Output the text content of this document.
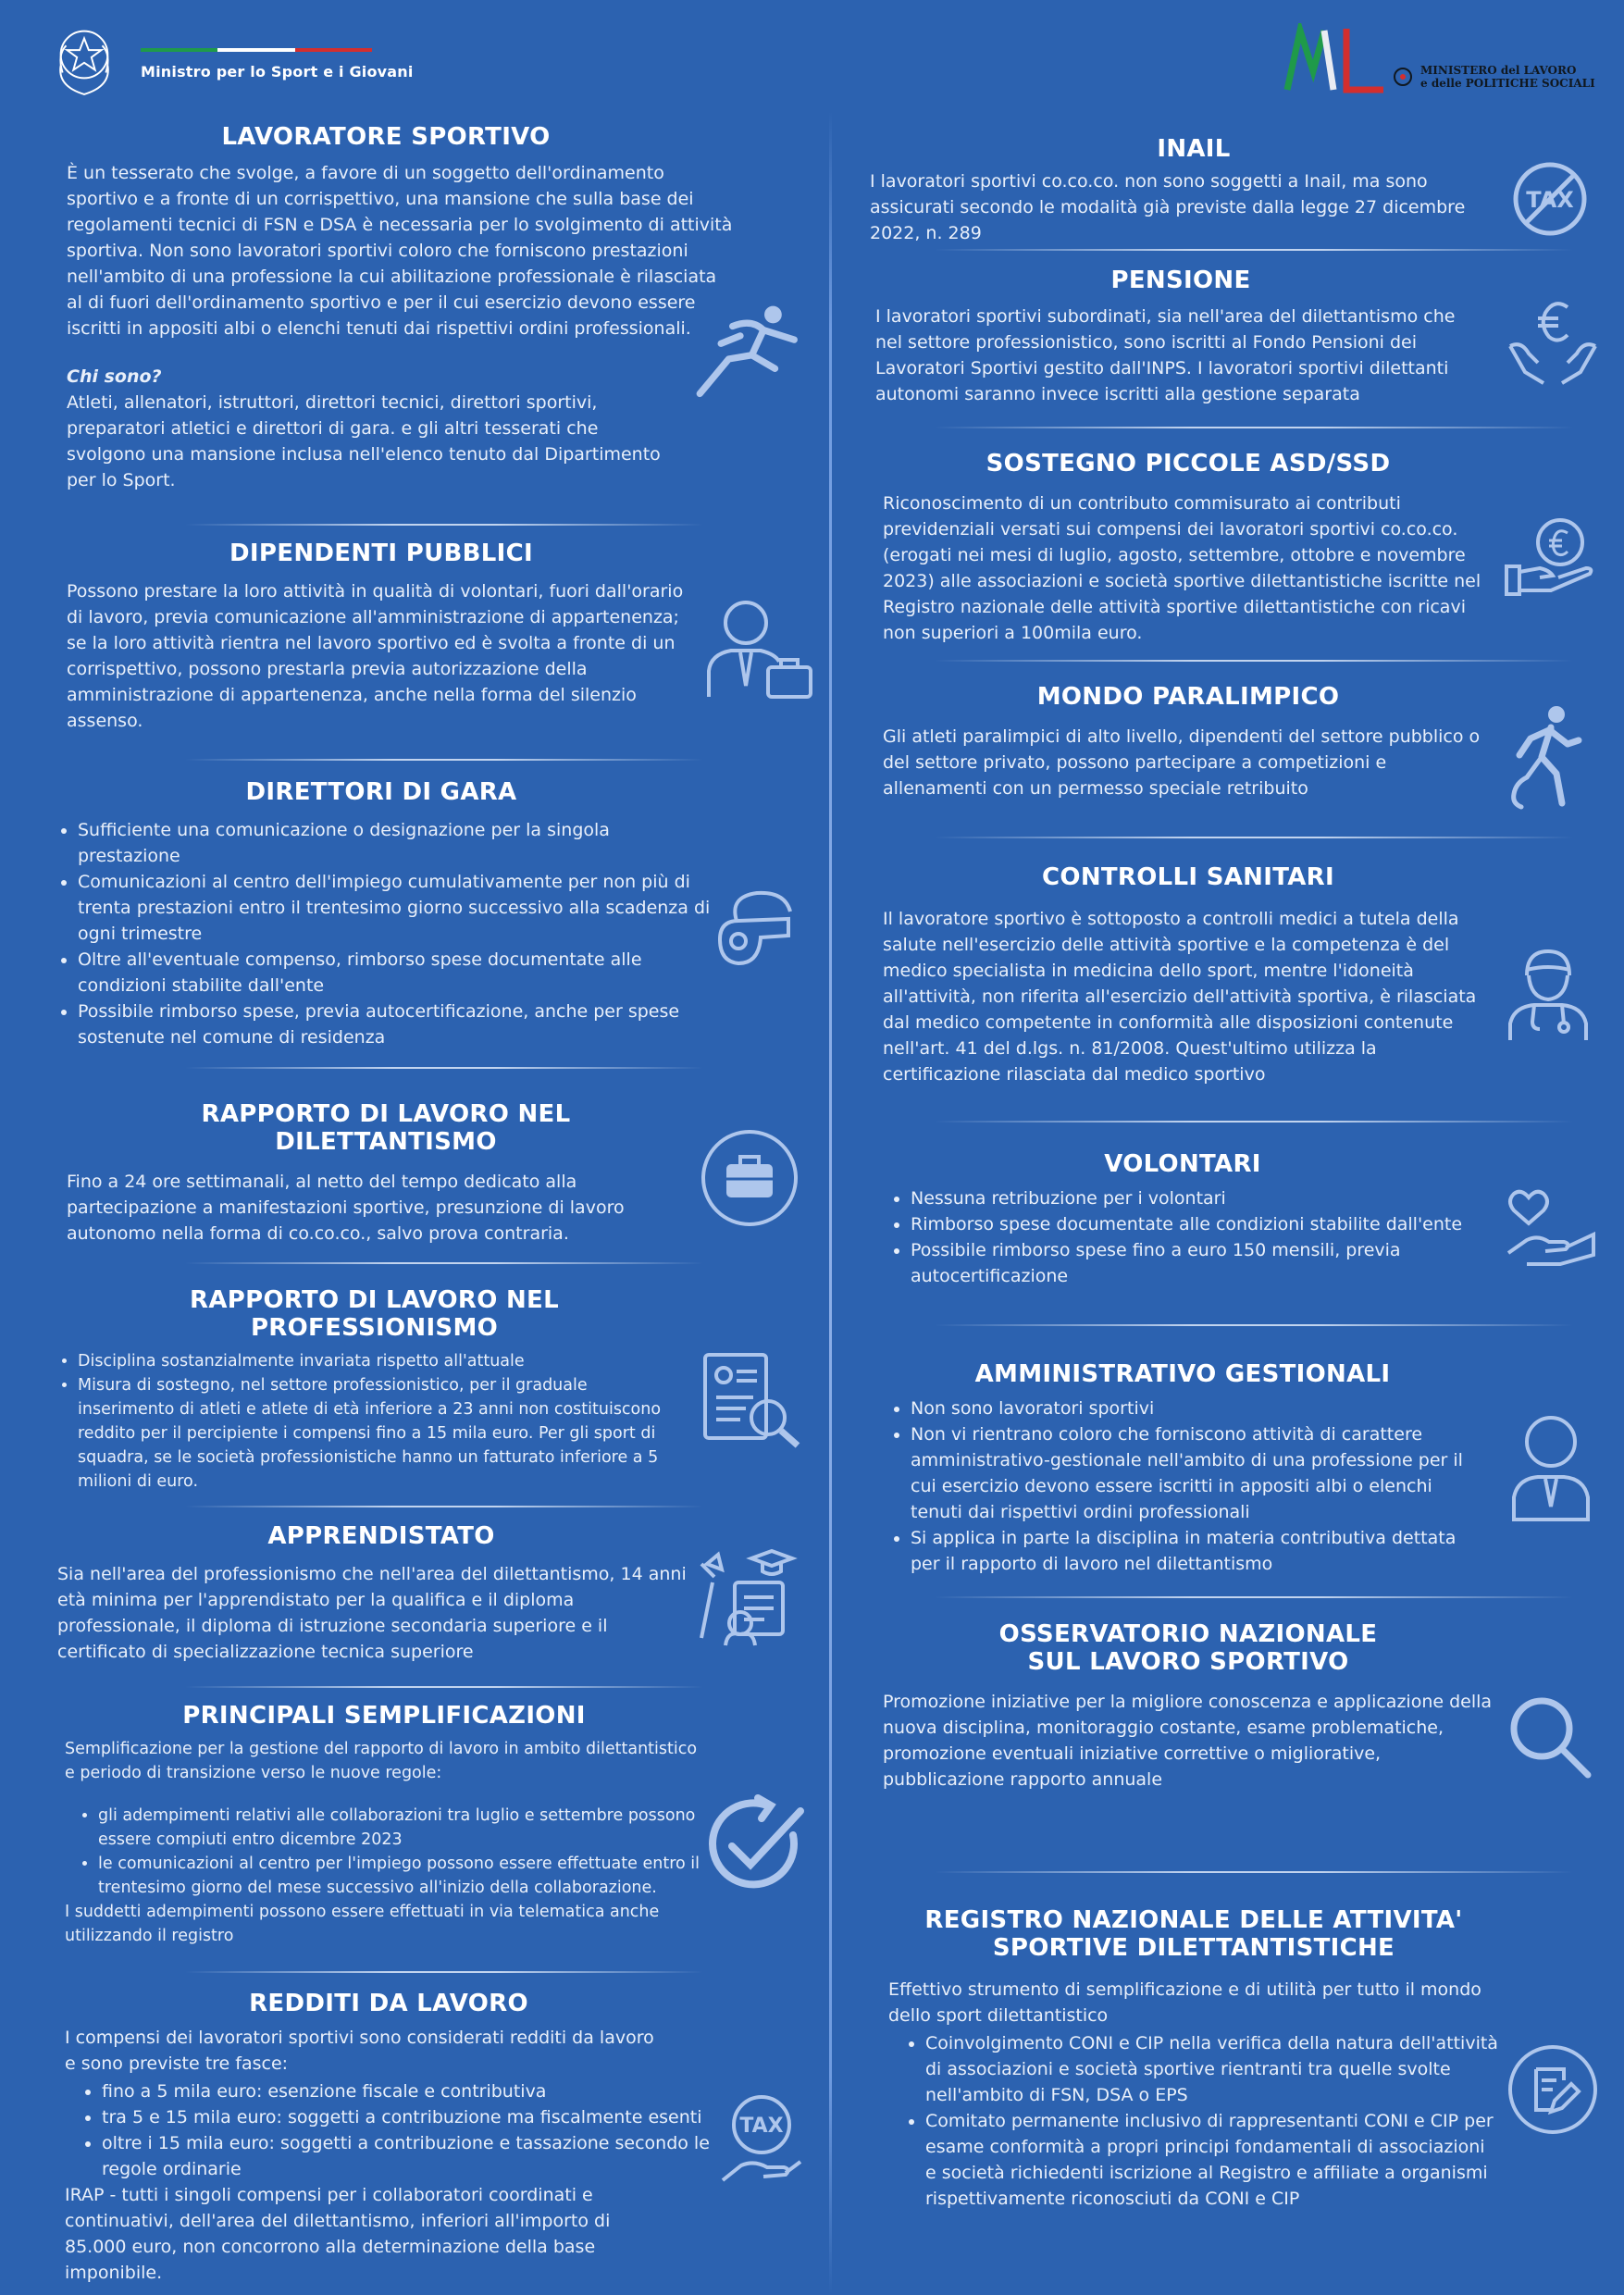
Ministro per lo Sport e i Giovani	MINISTERO del LAVORO
e delle POLITICHE SOCIALI
LAVORATORE SPORTIVO
È un tesserato che svolge, a favore di un soggetto dell'ordinamento sportivo e a fronte di un corrispettivo, una mansione che sulla base dei regolamenti tecnici di FSN e DSA è necessaria per lo svolgimento di attività sportiva. Non sono lavoratori sportivi coloro che forniscono prestazioni nell'ambito di una professione la cui abilitazione professionale è rilasciata al di fuori dell'ordinamento sportivo e per il cui esercizio devono essere iscritti in appositi albi o elenchi tenuti dai rispettivi ordini professionali.
Chi sono?
Atleti, allenatori, istruttori, direttori tecnici, direttori sportivi, preparatori atletici e direttori di gara. e gli altri tesserati che svolgono una mansione inclusa nell'elenco tenuto dal Dipartimento per lo Sport.
DIPENDENTI PUBBLICI
Possono prestare la loro attività in qualità di volontari, fuori dall'orario di lavoro, previa comunicazione all'amministrazione di appartenenza; se la loro attività rientra nel lavoro sportivo ed è svolta a fronte di un corrispettivo, possono prestarla previa autorizzazione della amministrazione di appartenenza, anche nella forma del silenzio assenso.
DIRETTORI DI GARA
• Sufficiente una comunicazione o designazione per la singola prestazione
• Comunicazioni al centro dell'impiego cumulativamente per non più di trenta prestazioni entro il trentesimo giorno successivo alla scadenza di ogni trimestre
• Oltre all'eventuale compenso, rimborso spese documentate alle condizioni stabilite dall'ente
• Possibile rimborso spese, previa autocertificazione, anche per spese sostenute nel comune di residenza
RAPPORTO DI LAVORO NEL
DILETTANTISMO
Fino a 24 ore settimanali, al netto del tempo dedicato alla partecipazione a manifestazioni sportive, presunzione di lavoro autonomo nella forma di co.co.co., salvo prova contraria.
RAPPORTO DI LAVORO NEL
PROFESSIONISMO
• Disciplina sostanzialmente invariata rispetto all'attuale
• Misura di sostegno, nel settore professionistico, per il graduale inserimento di atleti e atlete di età inferiore a 23 anni non costituiscono reddito per il percipiente i compensi fino a 15 mila euro. Per gli sport di squadra, se le società professionistiche hanno un fatturato inferiore a 5 milioni di euro.
APPRENDISTATO
Sia nell'area del professionismo che nell'area del dilettantismo, 14 anni età minima per l'apprendistato per la qualifica e il diploma professionale, il diploma di istruzione secondaria superiore e il certificato di specializzazione tecnica superiore
PRINCIPALI SEMPLIFICAZIONI
Semplificazione per la gestione del rapporto di lavoro in ambito dilettantistico e periodo di transizione verso le nuove regole:
• gli adempimenti relativi alle collaborazioni tra luglio e settembre possono essere compiuti entro dicembre 2023
• le comunicazioni al centro per l'impiego possono essere effettuate entro il trentesimo giorno del mese successivo all'inizio della collaborazione.
I suddetti adempimenti possono essere effettuati in via telematica anche utilizzando il registro
REDDITI DA LAVORO
I compensi dei lavoratori sportivi sono considerati redditi da lavoro e sono previste tre fasce:
• fino a 5 mila euro: esenzione fiscale e contributiva
• tra 5 e 15 mila euro: soggetti a contribuzione ma fiscalmente esenti
• oltre i 15 mila euro: soggetti a contribuzione e tassazione secondo le regole ordinarie
IRAP - tutti i singoli compensi per i collaboratori coordinati e continuativi, dell'area del dilettantismo, inferiori all'importo di 85.000 euro, non concorrono alla determinazione della base imponibile.
TAX
INAIL
I lavoratori sportivi co.co.co. non sono soggetti a Inail, ma sono assicurati secondo le modalità già previste dalla legge 27 dicembre 2022, n. 289
TAX
PENSIONE
I lavoratori sportivi subordinati, sia nell'area del dilettantismo che nel settore professionistico, sono iscritti al Fondo Pensioni dei Lavoratori Sportivi gestito dall'INPS. I lavoratori sportivi dilettanti autonomi saranno invece iscritti alla gestione separata
SOSTEGNO PICCOLE ASD/SSD
Riconoscimento di un contributo commisurato ai contributi previdenziali versati sui compensi dei lavoratori sportivi co.co.co. (erogati nei mesi di luglio, agosto, settembre, ottobre e novembre 2023) alle associazioni e società sportive dilettantistiche iscritte nel Registro nazionale delle attività sportive dilettantistiche con ricavi non superiori a 100mila euro.
MONDO PARALIMPICO
Gli atleti paralimpici di alto livello, dipendenti del settore pubblico o del settore privato, possono partecipare a competizioni e allenamenti con un permesso speciale retribuito
CONTROLLI SANITARI
Il lavoratore sportivo è sottoposto a controlli medici a tutela della salute nell'esercizio delle attività sportive e la competenza è del medico specialista in medicina dello sport, mentre l'idoneità all'attività, non riferita all'esercizio dell'attività sportiva, è rilasciata dal medico competente in conformità alle disposizioni contenute nell'art. 41 del d.lgs. n. 81/2008. Quest'ultimo utilizza la certificazione rilasciata dal medico sportivo
VOLONTARI
• Nessuna retribuzione per i volontari
• Rimborso spese documentate alle condizioni stabilite dall'ente
• Possibile rimborso spese fino a euro 150 mensili, previa autocertificazione
AMMINISTRATIVO GESTIONALI
• Non sono lavoratori sportivi
• Non vi rientrano coloro che forniscono attività di carattere amministrativo-gestionale nell'ambito di una professione per il cui esercizio devono essere iscritti in appositi albi o elenchi tenuti dai rispettivi ordini professionali
• Si applica in parte la disciplina in materia contributiva dettata per il rapporto di lavoro nel dilettantismo
OSSERVATORIO NAZIONALE
SUL LAVORO SPORTIVO
Promozione iniziative per la migliore conoscenza e applicazione della nuova disciplina, monitoraggio costante, esame problematiche, promozione eventuali iniziative correttive o migliorative, pubblicazione rapporto annuale
REGISTRO NAZIONALE DELLE ATTIVITA'
SPORTIVE DILETTANTISTICHE
Effettivo strumento di semplificazione e di utilità per tutto il mondo dello sport dilettantistico
• Coinvolgimento CONI e CIP nella verifica della natura dell'attività di associazioni e società sportive rientranti tra quelle svolte nell'ambito di FSN, DSA o EPS
• Comitato permanente inclusivo di rappresentanti CONI e CIP per esame conformità a propri principi fondamentali di associazioni e società richiedenti iscrizione al Registro e affiliate a organismi rispettivamente riconosciuti da CONI e CIP
